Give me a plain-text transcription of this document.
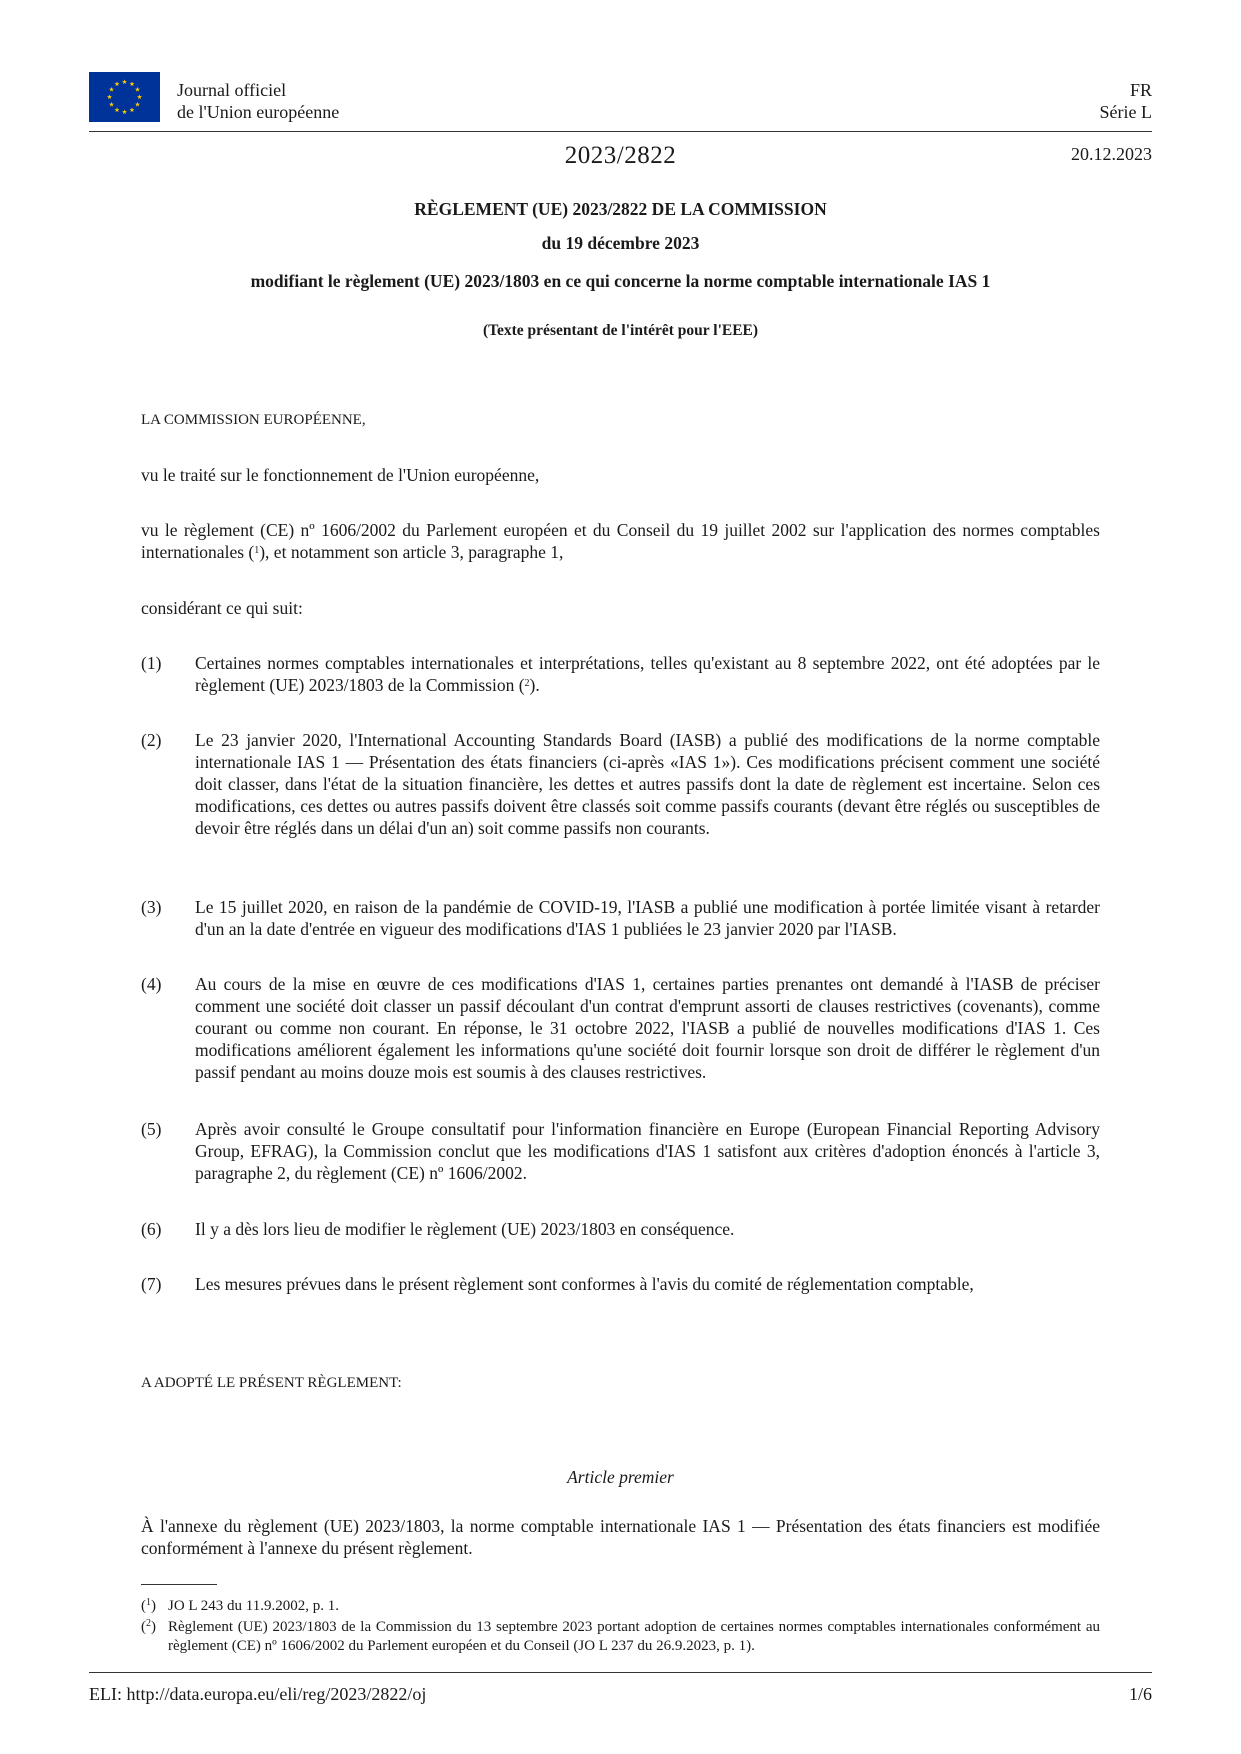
Journal officiel
de l'Union européenne
FR
Série L
2023/2822	20.12.2023
RÈGLEMENT (UE) 2023/2822 DE LA COMMISSION
du 19 décembre 2023
modifiant le règlement (UE) 2023/1803 en ce qui concerne la norme comptable internationale IAS 1
(Texte présentant de l'intérêt pour l'EEE)
LA COMMISSION EUROPÉENNE,
vu le traité sur le fonctionnement de l'Union européenne,
vu le règlement (CE) nº 1606/2002 du Parlement européen et du Conseil du 19 juillet 2002 sur l'application des normes comptables internationales ($^1$), et notamment son article 3, paragraphe 1,
considérant ce qui suit:
(1) Certaines normes comptables internationales et interprétations, telles qu'existant au 8 septembre 2022, ont été adoptées par le règlement (UE) 2023/1803 de la Commission ($^2$).
(2) Le 23 janvier 2020, l'International Accounting Standards Board (IASB) a publié des modifications de la norme comptable internationale IAS 1 — Présentation des états financiers (ci-après «IAS 1»). Ces modifications précisent comment une société doit classer, dans l'état de la situation financière, les dettes et autres passifs dont la date de règlement est incertaine. Selon ces modifications, ces dettes ou autres passifs doivent être classés soit comme passifs courants (devant être réglés ou susceptibles de devoir être réglés dans un délai d'un an) soit comme passifs non courants.
(3) Le 15 juillet 2020, en raison de la pandémie de COVID-19, l'IASB a publié une modification à portée limitée visant à retarder d'un an la date d'entrée en vigueur des modifications d'IAS 1 publiées le 23 janvier 2020 par l'IASB.
(4) Au cours de la mise en œuvre de ces modifications d'IAS 1, certaines parties prenantes ont demandé à l'IASB de préciser comment une société doit classer un passif découlant d'un contrat d'emprunt assorti de clauses restrictives (covenants), comme courant ou comme non courant. En réponse, le 31 octobre 2022, l'IASB a publié de nouvelles modifications d'IAS 1. Ces modifications améliorent également les informations qu'une société doit fournir lorsque son droit de différer le règlement d'un passif pendant au moins douze mois est soumis à des clauses restrictives.
(5) Après avoir consulté le Groupe consultatif pour l'information financière en Europe (European Financial Reporting Advisory Group, EFRAG), la Commission conclut que les modifications d'IAS 1 satisfont aux critères d'adoption énoncés à l'article 3, paragraphe 2, du règlement (CE) nº 1606/2002.
(6) Il y a dès lors lieu de modifier le règlement (UE) 2023/1803 en conséquence.
(7) Les mesures prévues dans le présent règlement sont conformes à l'avis du comité de réglementation comptable,
A ADOPTÉ LE PRÉSENT RÈGLEMENT:
Article premier
À l'annexe du règlement (UE) 2023/1803, la norme comptable internationale IAS 1 — Présentation des états financiers est modifiée conformément à l'annexe du présent règlement.
($^1$) JO L 243 du 11.9.2002, p. 1.
($^2$) Règlement (UE) 2023/1803 de la Commission du 13 septembre 2023 portant adoption de certaines normes comptables internationales conformément au règlement (CE) nº 1606/2002 du Parlement européen et du Conseil (JO L 237 du 26.9.2023, p. 1).
ELI: http://data.europa.eu/eli/reg/2023/2822/oj	1/6
